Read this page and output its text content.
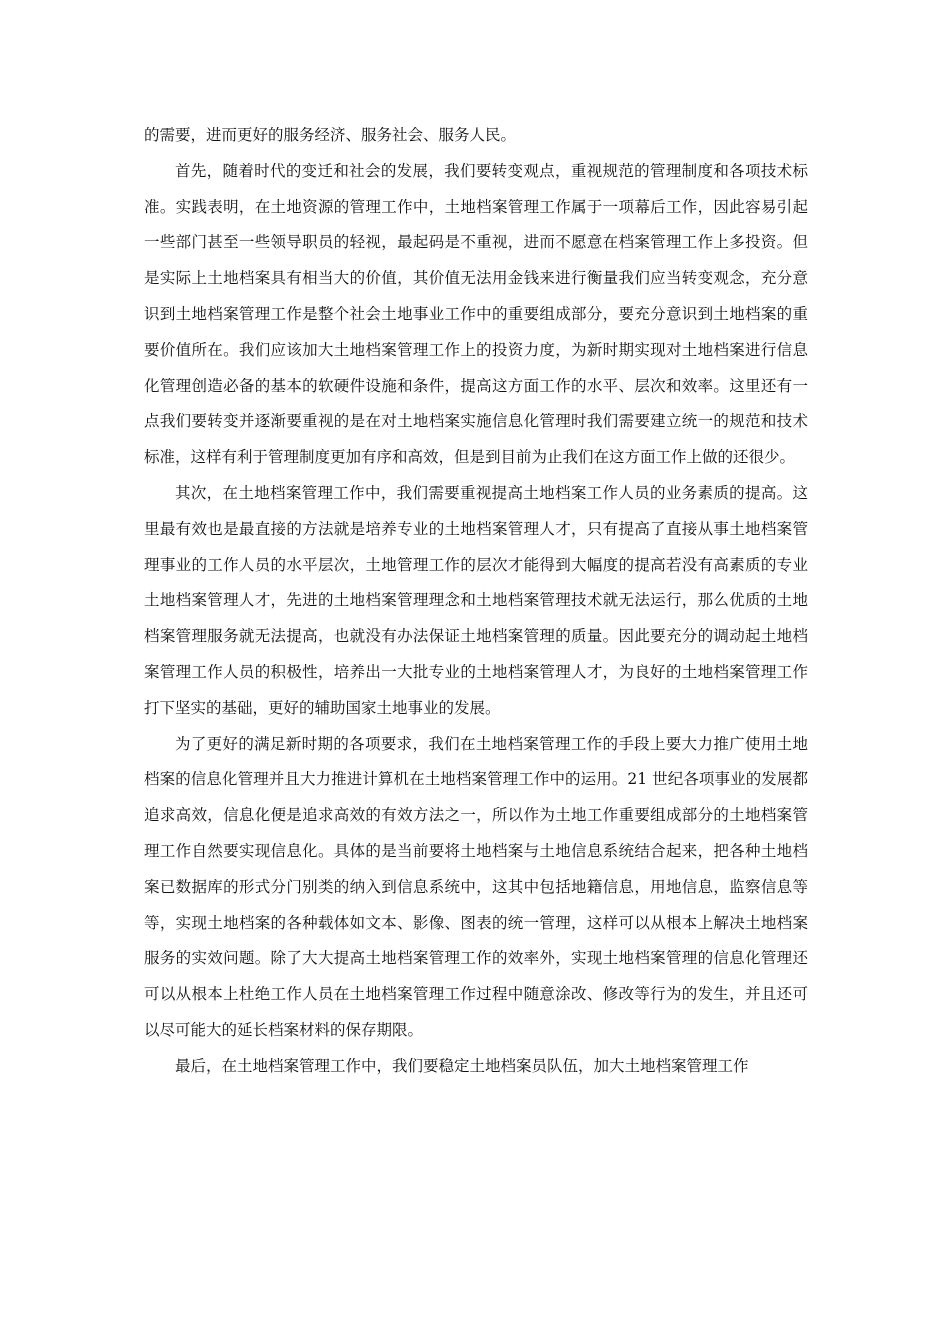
的需要，进而更好的服务经济、服务社会、服务人民。

首先，随着时代的变迁和社会的发展，我们要转变观点，重视规范的管理制度和各项技术标准。实践表明，在土地资源的管理工作中，土地档案管理工作属于一项幕后工作，因此容易引起一些部门甚至一些领导职员的轻视，最起码是不重视，进而不愿意在档案管理工作上多投资。但是实际上土地档案具有相当大的价值，其价值无法用金钱来进行衡量我们应当转变观念，充分意识到土地档案管理工作是整个社会土地事业工作中的重要组成部分，要充分意识到土地档案的重要价值所在。我们应该加大土地档案管理工作上的投资力度，为新时期实现对土地档案进行信息化管理创造必备的基本的软硬件设施和条件，提高这方面工作的水平、层次和效率。这里还有一点我们要转变并逐渐要重视的是在对土地档案实施信息化管理时我们需要建立统一的规范和技术标准，这样有利于管理制度更加有序和高效，但是到目前为止我们在这方面工作上做的还很少。

其次，在土地档案管理工作中，我们需要重视提高土地档案工作人员的业务素质的提高。这里最有效也是最直接的方法就是培养专业的土地档案管理人才，只有提高了直接从事土地档案管理事业的工作人员的水平层次，土地管理工作的层次才能得到大幅度的提高若没有高素质的专业土地档案管理人才，先进的土地档案管理理念和土地档案管理技术就无法运行，那么优质的土地档案管理服务就无法提高，也就没有办法保证土地档案管理的质量。因此要充分的调动起土地档案管理工作人员的积极性，培养出一大批专业的土地档案管理人才，为良好的土地档案管理工作打下坚实的基础，更好的辅助国家土地事业的发展。

为了更好的满足新时期的各项要求，我们在土地档案管理工作的手段上要大力推广使用土地档案的信息化管理并且大力推进计算机在土地档案管理工作中的运用。21 世纪各项事业的发展都追求高效，信息化便是追求高效的有效方法之一，所以作为土地工作重要组成部分的土地档案管理工作自然要实现信息化。具体的是当前要将土地档案与土地信息系统结合起来，把各种土地档案已数据库的形式分门别类的纳入到信息系统中，这其中包括地籍信息，用地信息，监察信息等等，实现土地档案的各种载体如文本、影像、图表的统一管理，这样可以从根本上解决土地档案服务的实效问题。除了大大提高土地档案管理工作的效率外，实现土地档案管理的信息化管理还可以从根本上杜绝工作人员在土地档案管理工作过程中随意涂改、修改等行为的发生，并且还可以尽可能大的延长档案材料的保存期限。

最后，在土地档案管理工作中，我们要稳定土地档案员队伍，加大土地档案管理工作
